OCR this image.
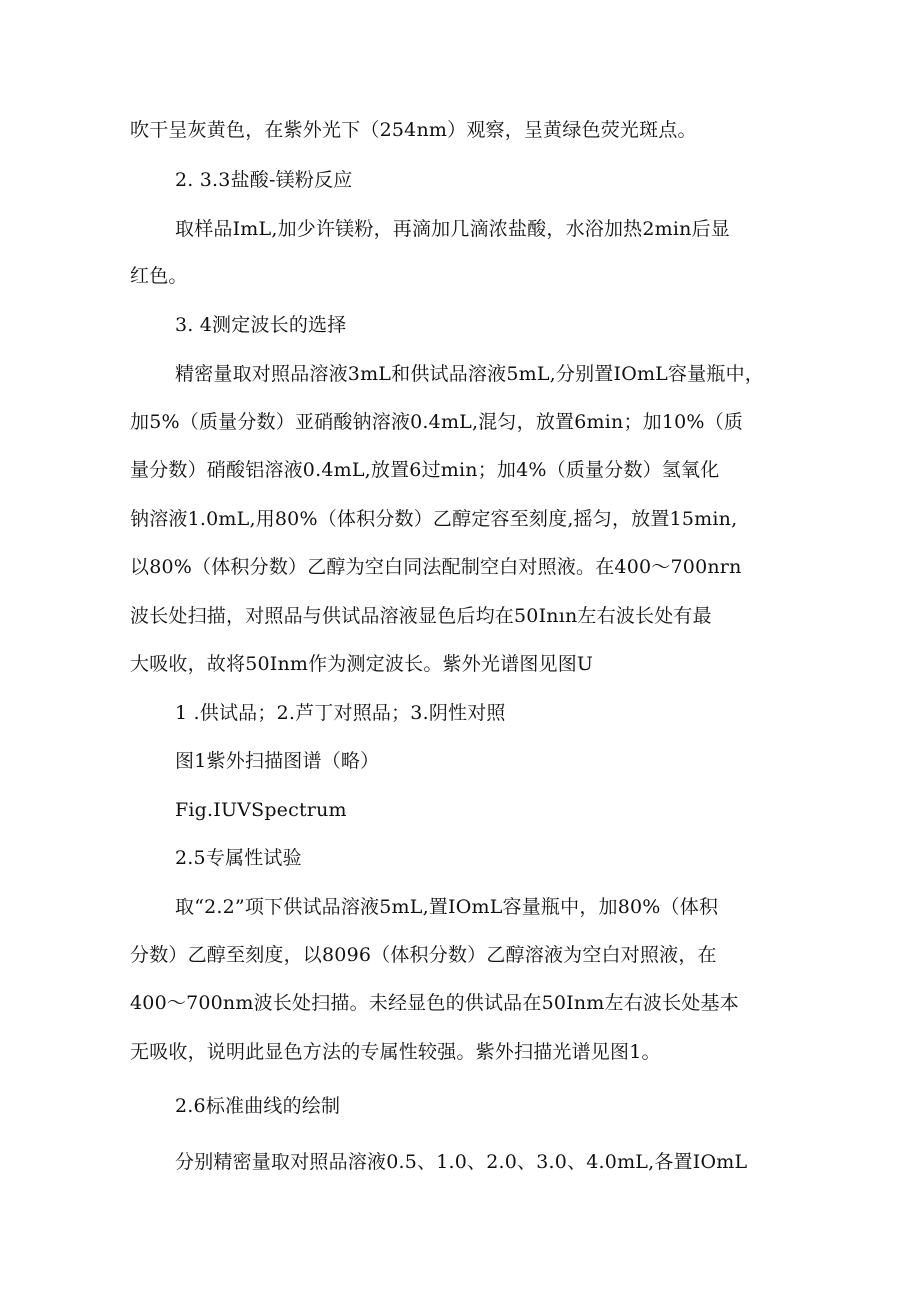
吹干呈灰黄色，在紫外光下（254nm）观察，呈黄绿色荧光斑点。
2. 3.3盐酸-镁粉反应
取样品ImL,加少许镁粉，再滴加几滴浓盐酸，水浴加热2min后显
红色。
3. 4测定波长的选择
精密量取对照品溶液3mL和供试品溶液5mL,分别置IOmL容量瓶中，
加5%（质量分数）亚硝酸钠溶液0.4mL,混匀，放置6min；加10%（质
量分数）硝酸铝溶液0.4mL,放置6过min；加4%（质量分数）氢氧化
钠溶液1.0mL,用80%（体积分数）乙醇定容至刻度,摇匀，放置15min,
以80%（体积分数）乙醇为空白同法配制空白对照液。在400～700nrn
波长处扫描，对照品与供试品溶液显色后均在50Inın左右波长处有最
大吸收，故将50Inm作为测定波长。紫外光谱图见图U
1 .供试品；2.芦丁对照品；3.阴性对照
图1紫外扫描图谱（略）
Fig.IUVSpectrum
2.5专属性试验
取“2.2”项下供试品溶液5mL,置IOmL容量瓶中，加80%（体积
分数）乙醇至刻度，以8096（体积分数）乙醇溶液为空白对照液，在
400～700nm波长处扫描。未经显色的供试品在50Inm左右波长处基本
无吸收，说明此显色方法的专属性较强。紫外扫描光谱见图1。
2.6标准曲线的绘制
分别精密量取对照品溶液0.5、1.0、2.0、3.0、4.0mL,各置IOmL
